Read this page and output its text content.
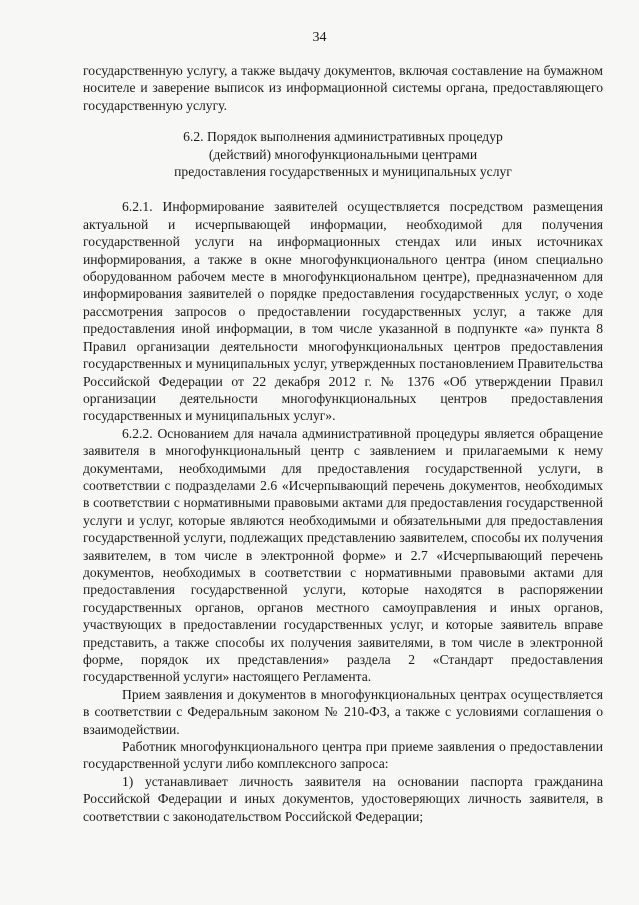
34

государственную услугу, а также выдачу документов, включая составление на бумажном носителе и заверение выписок из информационной системы органа, предоставляющего государственную услугу.

6.2. Порядок выполнения административных процедур
(действий) многофункциональными центрами
предоставления государственных и муниципальных услуг

6.2.1. Информирование заявителей осуществляется посредством размещения актуальной и исчерпывающей информации, необходимой для получения государственной услуги на информационных стендах или иных источниках информирования, а также в окне многофункционального центра (ином специально оборудованном рабочем месте в многофункциональном центре), предназначенном для информирования заявителей о порядке предоставления государственных услуг, о ходе рассмотрения запросов о предоставлении государственных услуг, а также для предоставления иной информации, в том числе указанной в подпункте «а» пункта 8 Правил организации деятельности многофункциональных центров предоставления государственных и муниципальных услуг, утвержденных постановлением Правительства Российской Федерации от 22 декабря 2012 г. № 1376 «Об утверждении Правил организации деятельности многофункциональных центров предоставления государственных и муниципальных услуг».

6.2.2. Основанием для начала административной процедуры является обращение заявителя в многофункциональный центр с заявлением и прилагаемыми к нему документами, необходимыми для предоставления государственной услуги, в соответствии с подразделами 2.6 «Исчерпывающий перечень документов, необходимых в соответствии с нормативными правовыми актами для предоставления государственной услуги и услуг, которые являются необходимыми и обязательными для предоставления государственной услуги, подлежащих представлению заявителем, способы их получения заявителем, в том числе в электронной форме» и 2.7 «Исчерпывающий перечень документов, необходимых в соответствии с нормативными правовыми актами для предоставления государственной услуги, которые находятся в распоряжении государственных органов, органов местного самоуправления и иных органов, участвующих в предоставлении государственных услуг, и которые заявитель вправе представить, а также способы их получения заявителями, в том числе в электронной форме, порядок их представления» раздела 2 «Стандарт предоставления государственной услуги» настоящего Регламента.

Прием заявления и документов в многофункциональных центрах осуществляется в соответствии с Федеральным законом № 210-ФЗ, а также с условиями соглашения о взаимодействии.

Работник многофункционального центра при приеме заявления о предоставлении государственной услуги либо комплексного запроса:

1) устанавливает личность заявителя на основании паспорта гражданина Российской Федерации и иных документов, удостоверяющих личность заявителя, в соответствии с законодательством Российской Федерации;
